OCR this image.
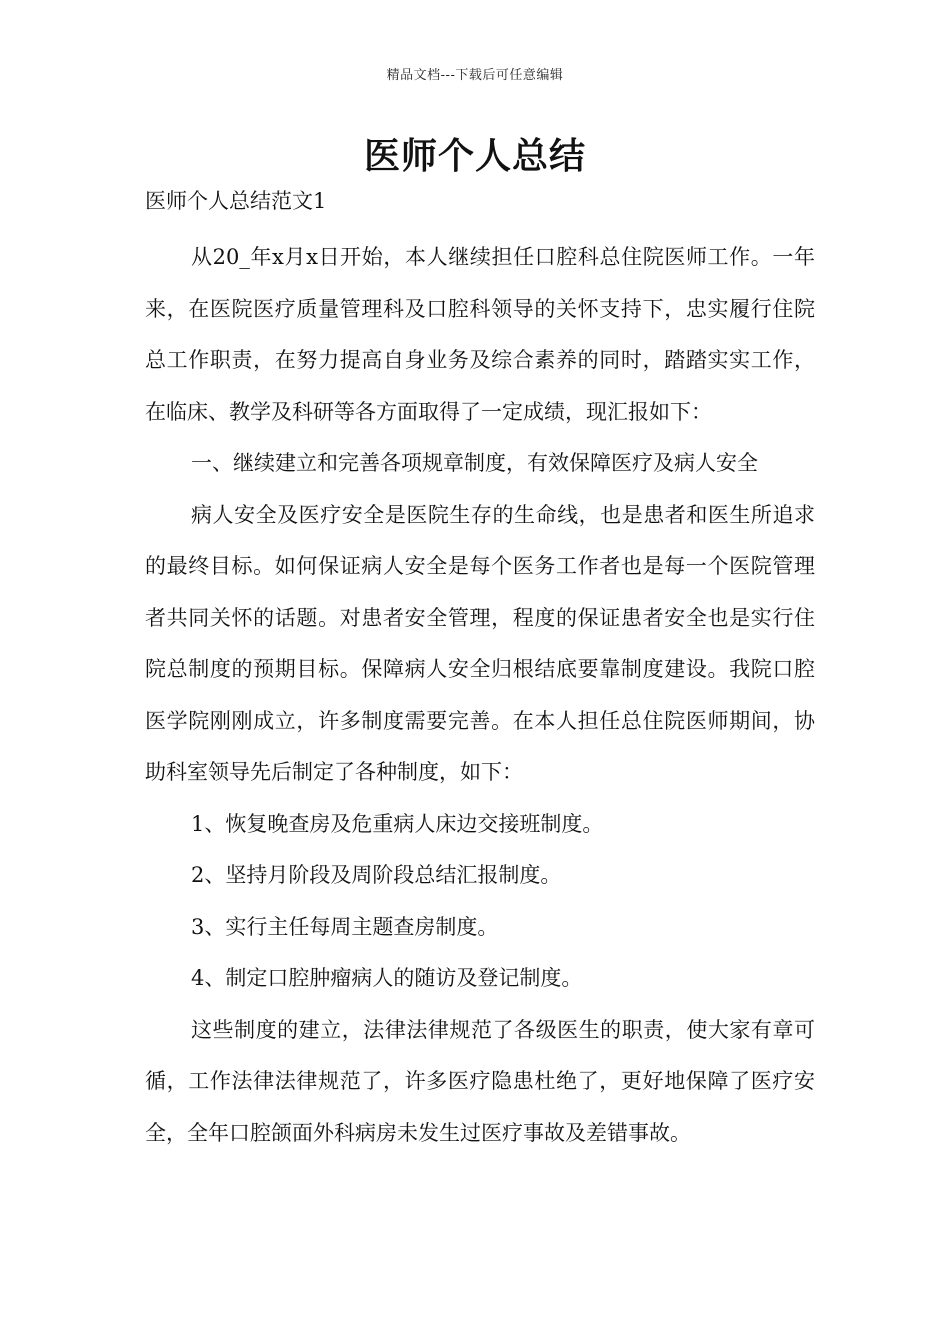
精品文档---下载后可任意编辑
医师个人总结
医师个人总结范文1

从20_年x月x日开始，本人继续担任口腔科总住院医师工作。一年来，在医院医疗质量管理科及口腔科领导的关怀支持下，忠实履行住院总工作职责，在努力提高自身业务及综合素养的同时，踏踏实实工作，在临床、教学及科研等各方面取得了一定成绩，现汇报如下：

一、继续建立和完善各项规章制度，有效保障医疗及病人安全

病人安全及医疗安全是医院生存的生命线，也是患者和医生所追求的最终目标。如何保证病人安全是每个医务工作者也是每一个医院管理者共同关怀的话题。对患者安全管理，程度的保证患者安全也是实行住院总制度的预期目标。保障病人安全归根结底要靠制度建设。我院口腔医学院刚刚成立，许多制度需要完善。在本人担任总住院医师期间，协助科室领导先后制定了各种制度，如下：

1、恢复晚查房及危重病人床边交接班制度。

2、坚持月阶段及周阶段总结汇报制度。

3、实行主任每周主题查房制度。

4、制定口腔肿瘤病人的随访及登记制度。

这些制度的建立，法律法律规范了各级医生的职责，使大家有章可循，工作法律法律规范了，许多医疗隐患杜绝了，更好地保障了医疗安全，全年口腔颌面外科病房未发生过医疗事故及差错事故。
